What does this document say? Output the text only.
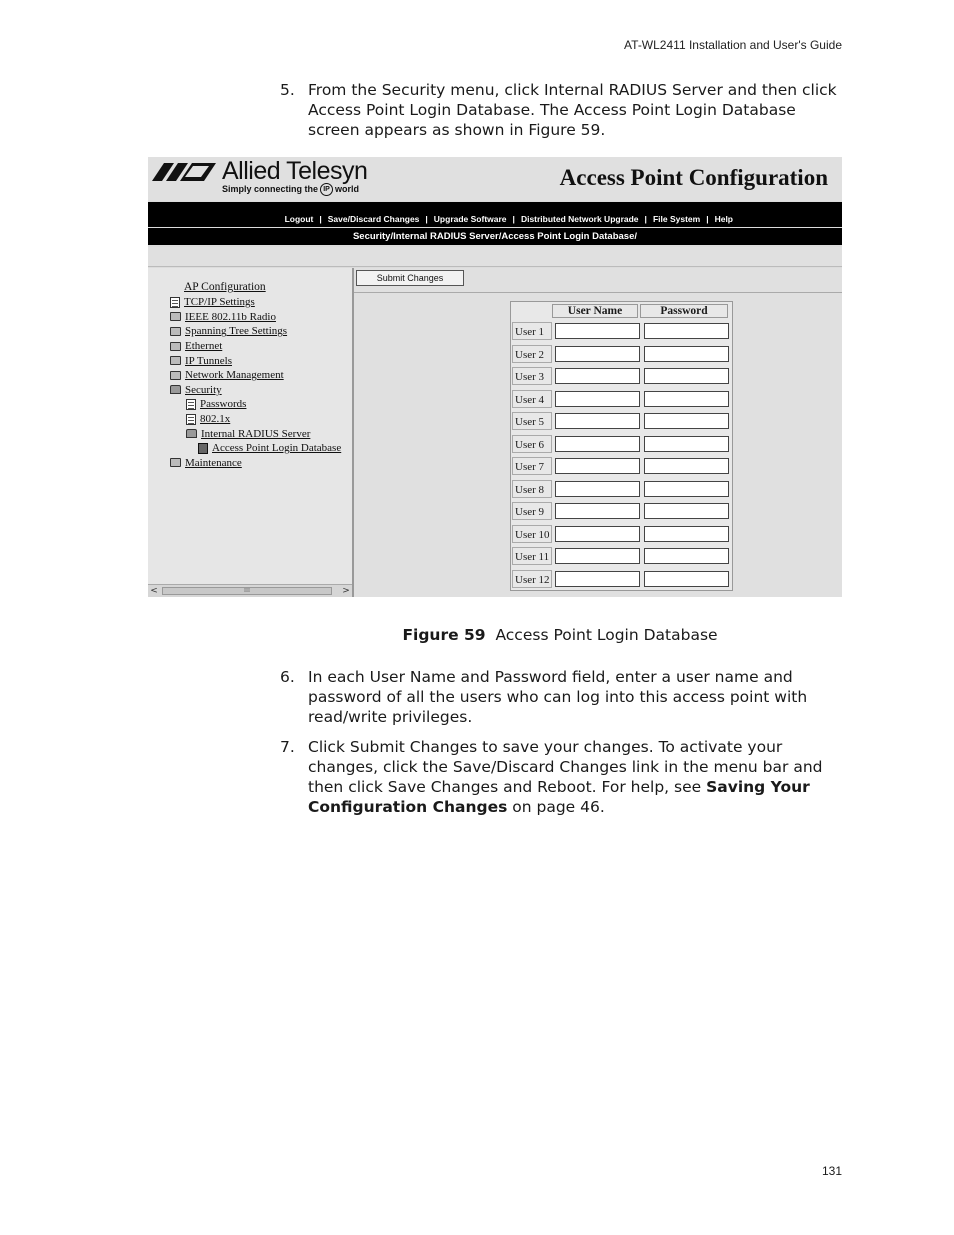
AT-WL2411 Installation and User's Guide
5. From the Security menu, click Internal RADIUS Server and then click Access Point Login Database. The Access Point Login Database screen appears as shown in Figure 59.
Allied Telesyn
Simply connecting the IP world	Access Point Configuration
Logout | Save/Discard Changes | Upgrade Software | Distributed Network Upgrade | File System | Help
Security/Internal RADIUS Server/Access Point Login Database/
AP Configuration
TCP/IP Settings
IEEE 802.11b Radio
Spanning Tree Settings
Ethernet
IP Tunnels
Network Management
Security
Passwords
802.1x
Internal RADIUS Server
Access Point Login Database
Maintenance
<	III	>
Submit Changes
User Name	Password
User 1
User 2
User 3
User 4
User 5
User 6
User 7
User 8
User 9
User 10
User 11
User 12
Figure 59 Access Point Login Database
6. In each User Name and Password field, enter a user name and password of all the users who can log into this access point with read/write privileges.
7. Click Submit Changes to save your changes. To activate your changes, click the Save/Discard Changes link in the menu bar and then click Save Changes and Reboot. For help, see Saving Your Configuration Changes on page 46.
131
